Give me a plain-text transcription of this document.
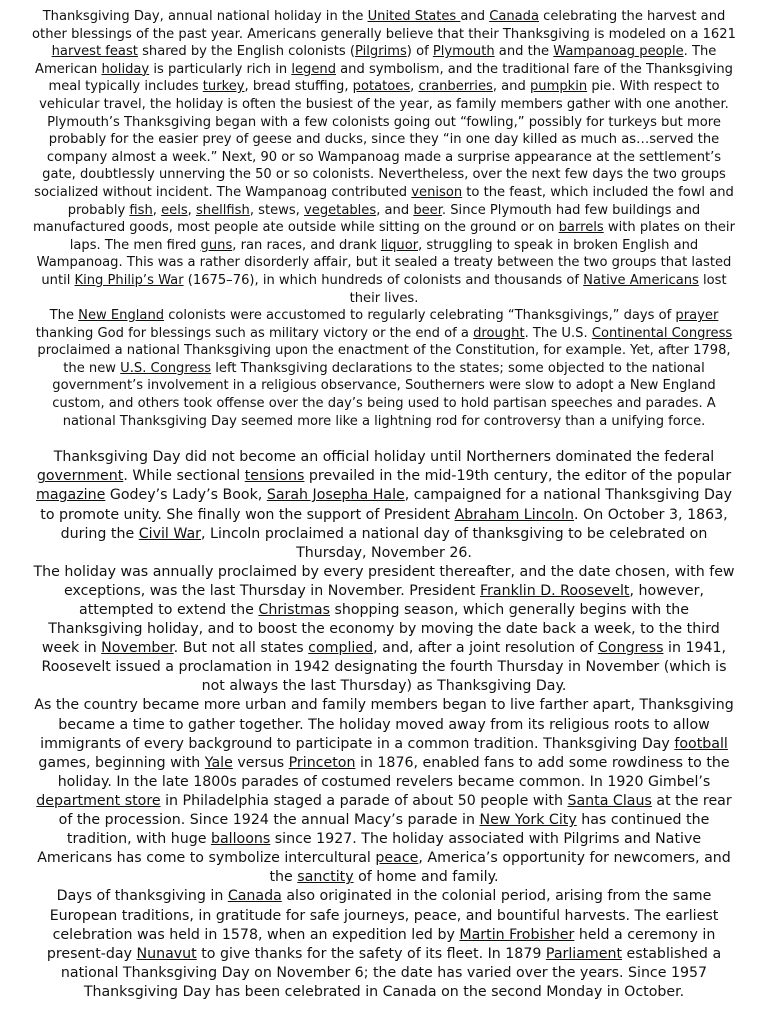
Thanksgiving Day, annual national holiday in the United States and Canada celebrating the harvest and other blessings of the past year. Americans generally believe that their Thanksgiving is modeled on a 1621 harvest feast shared by the English colonists (Pilgrims) of Plymouth and the Wampanoag people. The American holiday is particularly rich in legend and symbolism, and the traditional fare of the Thanksgiving meal typically includes turkey, bread stuffing, potatoes, cranberries, and pumpkin pie. With respect to vehicular travel, the holiday is often the busiest of the year, as family members gather with one another.

Plymouth’s Thanksgiving began with a few colonists going out “fowling,” possibly for turkeys but more probably for the easier prey of geese and ducks, since they “in one day killed as much as…served the company almost a week.” Next, 90 or so Wampanoag made a surprise appearance at the settlement’s gate, doubtlessly unnerving the 50 or so colonists. Nevertheless, over the next few days the two groups socialized without incident. The Wampanoag contributed venison to the feast, which included the fowl and probably fish, eels, shellfish, stews, vegetables, and beer. Since Plymouth had few buildings and manufactured goods, most people ate outside while sitting on the ground or on barrels with plates on their laps. The men fired guns, ran races, and drank liquor, struggling to speak in broken English and Wampanoag. This was a rather disorderly affair, but it sealed a treaty between the two groups that lasted until King Philip’s War (1675–76), in which hundreds of colonists and thousands of Native Americans lost their lives.

The New England colonists were accustomed to regularly celebrating “Thanksgivings,” days of prayer thanking God for blessings such as military victory or the end of a drought. The U.S. Continental Congress proclaimed a national Thanksgiving upon the enactment of the Constitution, for example. Yet, after 1798, the new U.S. Congress left Thanksgiving declarations to the states; some objected to the national government’s involvement in a religious observance, Southerners were slow to adopt a New England custom, and others took offense over the day’s being used to hold partisan speeches and parades. A national Thanksgiving Day seemed more like a lightning rod for controversy than a unifying force.

Thanksgiving Day did not become an official holiday until Northerners dominated the federal government. While sectional tensions prevailed in the mid-19th century, the editor of the popular magazine Godey’s Lady’s Book, Sarah Josepha Hale, campaigned for a national Thanksgiving Day to promote unity. She finally won the support of President Abraham Lincoln. On October 3, 1863, during the Civil War, Lincoln proclaimed a national day of thanksgiving to be celebrated on Thursday, November 26.

The holiday was annually proclaimed by every president thereafter, and the date chosen, with few exceptions, was the last Thursday in November. President Franklin D. Roosevelt, however, attempted to extend the Christmas shopping season, which generally begins with the Thanksgiving holiday, and to boost the economy by moving the date back a week, to the third week in November. But not all states complied, and, after a joint resolution of Congress in 1941, Roosevelt issued a proclamation in 1942 designating the fourth Thursday in November (which is not always the last Thursday) as Thanksgiving Day.

As the country became more urban and family members began to live farther apart, Thanksgiving became a time to gather together. The holiday moved away from its religious roots to allow immigrants of every background to participate in a common tradition. Thanksgiving Day football games, beginning with Yale versus Princeton in 1876, enabled fans to add some rowdiness to the holiday. In the late 1800s parades of costumed revelers became common. In 1920 Gimbel’s department store in Philadelphia staged a parade of about 50 people with Santa Claus at the rear of the procession. Since 1924 the annual Macy’s parade in New York City has continued the tradition, with huge balloons since 1927. The holiday associated with Pilgrims and Native Americans has come to symbolize intercultural peace, America’s opportunity for newcomers, and the sanctity of home and family.

Days of thanksgiving in Canada also originated in the colonial period, arising from the same European traditions, in gratitude for safe journeys, peace, and bountiful harvests. The earliest celebration was held in 1578, when an expedition led by Martin Frobisher held a ceremony in present-day Nunavut to give thanks for the safety of its fleet. In 1879 Parliament established a national Thanksgiving Day on November 6; the date has varied over the years. Since 1957 Thanksgiving Day has been celebrated in Canada on the second Monday in October.
